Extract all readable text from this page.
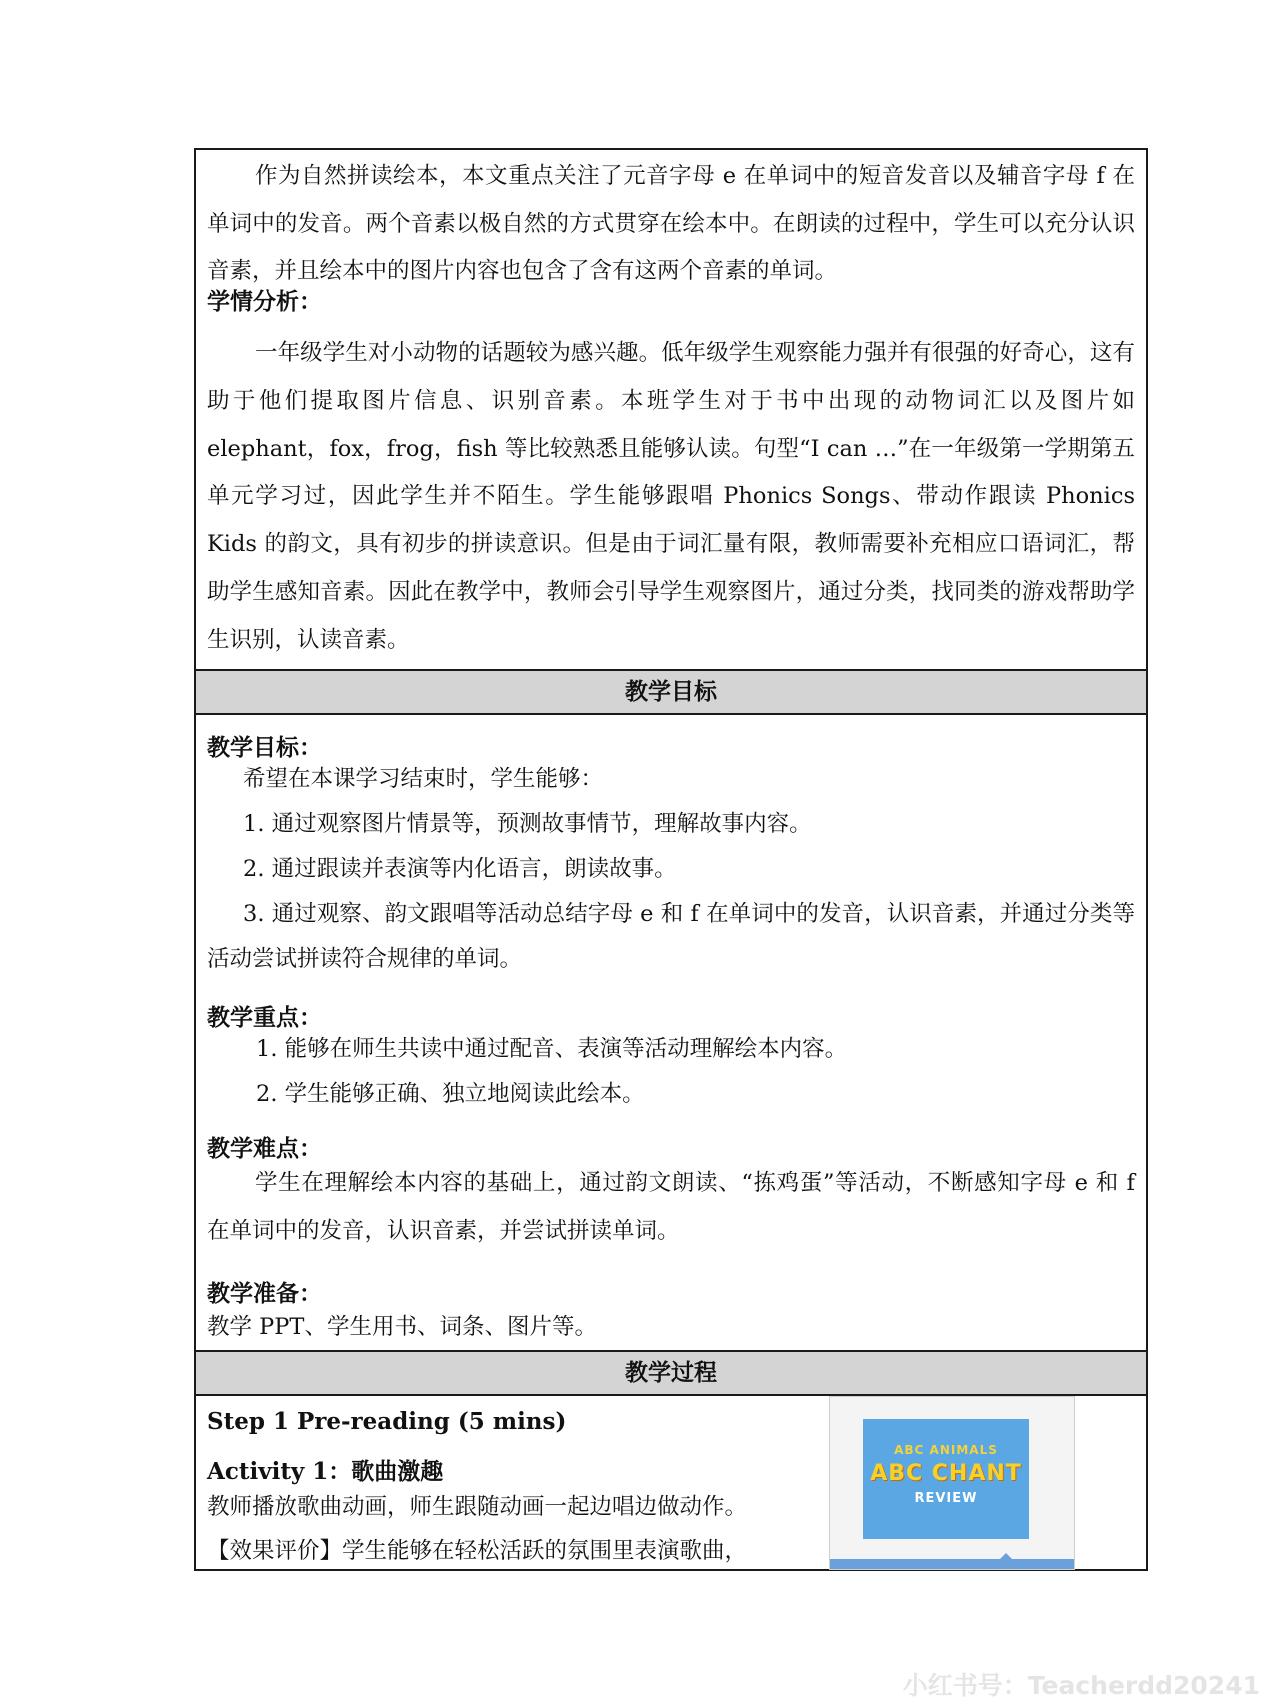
作为自然拼读绘本，本文重点关注了元音字母 e 在单词中的短音发音以及辅音字母 f 在单词中的发音。两个音素以极自然的方式贯穿在绘本中。在朗读的过程中，学生可以充分认识音素，并且绘本中的图片内容也包含了含有这两个音素的单词。
学情分析：
一年级学生对小动物的话题较为感兴趣。低年级学生观察能力强并有很强的好奇心，这有助于他们提取图片信息、识别音素。本班学生对于书中出现的动物词汇以及图片如 elephant，fox，frog，fish 等比较熟悉且能够认读。句型“I can …”在一年级第一学期第五单元学习过，因此学生并不陌生。学生能够跟唱 Phonics Songs、带动作跟读 Phonics Kids 的韵文，具有初步的拼读意识。但是由于词汇量有限，教师需要补充相应口语词汇，帮助学生感知音素。因此在教学中，教师会引导学生观察图片，通过分类，找同类的游戏帮助学生识别，认读音素。
教学目标
教学目标：
希望在本课学习结束时，学生能够：
1. 通过观察图片情景等，预测故事情节，理解故事内容。
2. 通过跟读并表演等内化语言，朗读故事。
3. 通过观察、韵文跟唱等活动总结字母 e 和 f 在单词中的发音，认识音素，并通过分类等活动尝试拼读符合规律的单词。
教学重点：
1. 能够在师生共读中通过配音、表演等活动理解绘本内容。
2. 学生能够正确、独立地阅读此绘本。
教学难点：
学生在理解绘本内容的基础上，通过韵文朗读、“拣鸡蛋”等活动，不断感知字母 e 和 f 在单词中的发音，认识音素，并尝试拼读单词。
教学准备：
教学 PPT、学生用书、词条、图片等。
教学过程
Step 1 Pre-reading (5 mins)
Activity 1：歌曲激趣
教师播放歌曲动画，师生跟随动画一起边唱边做动作。
【效果评价】学生能够在轻松活跃的氛围里表演歌曲，
ABC ANIMALS
ABC CHANT
REVIEW
小红书号：Teacherdd20241
